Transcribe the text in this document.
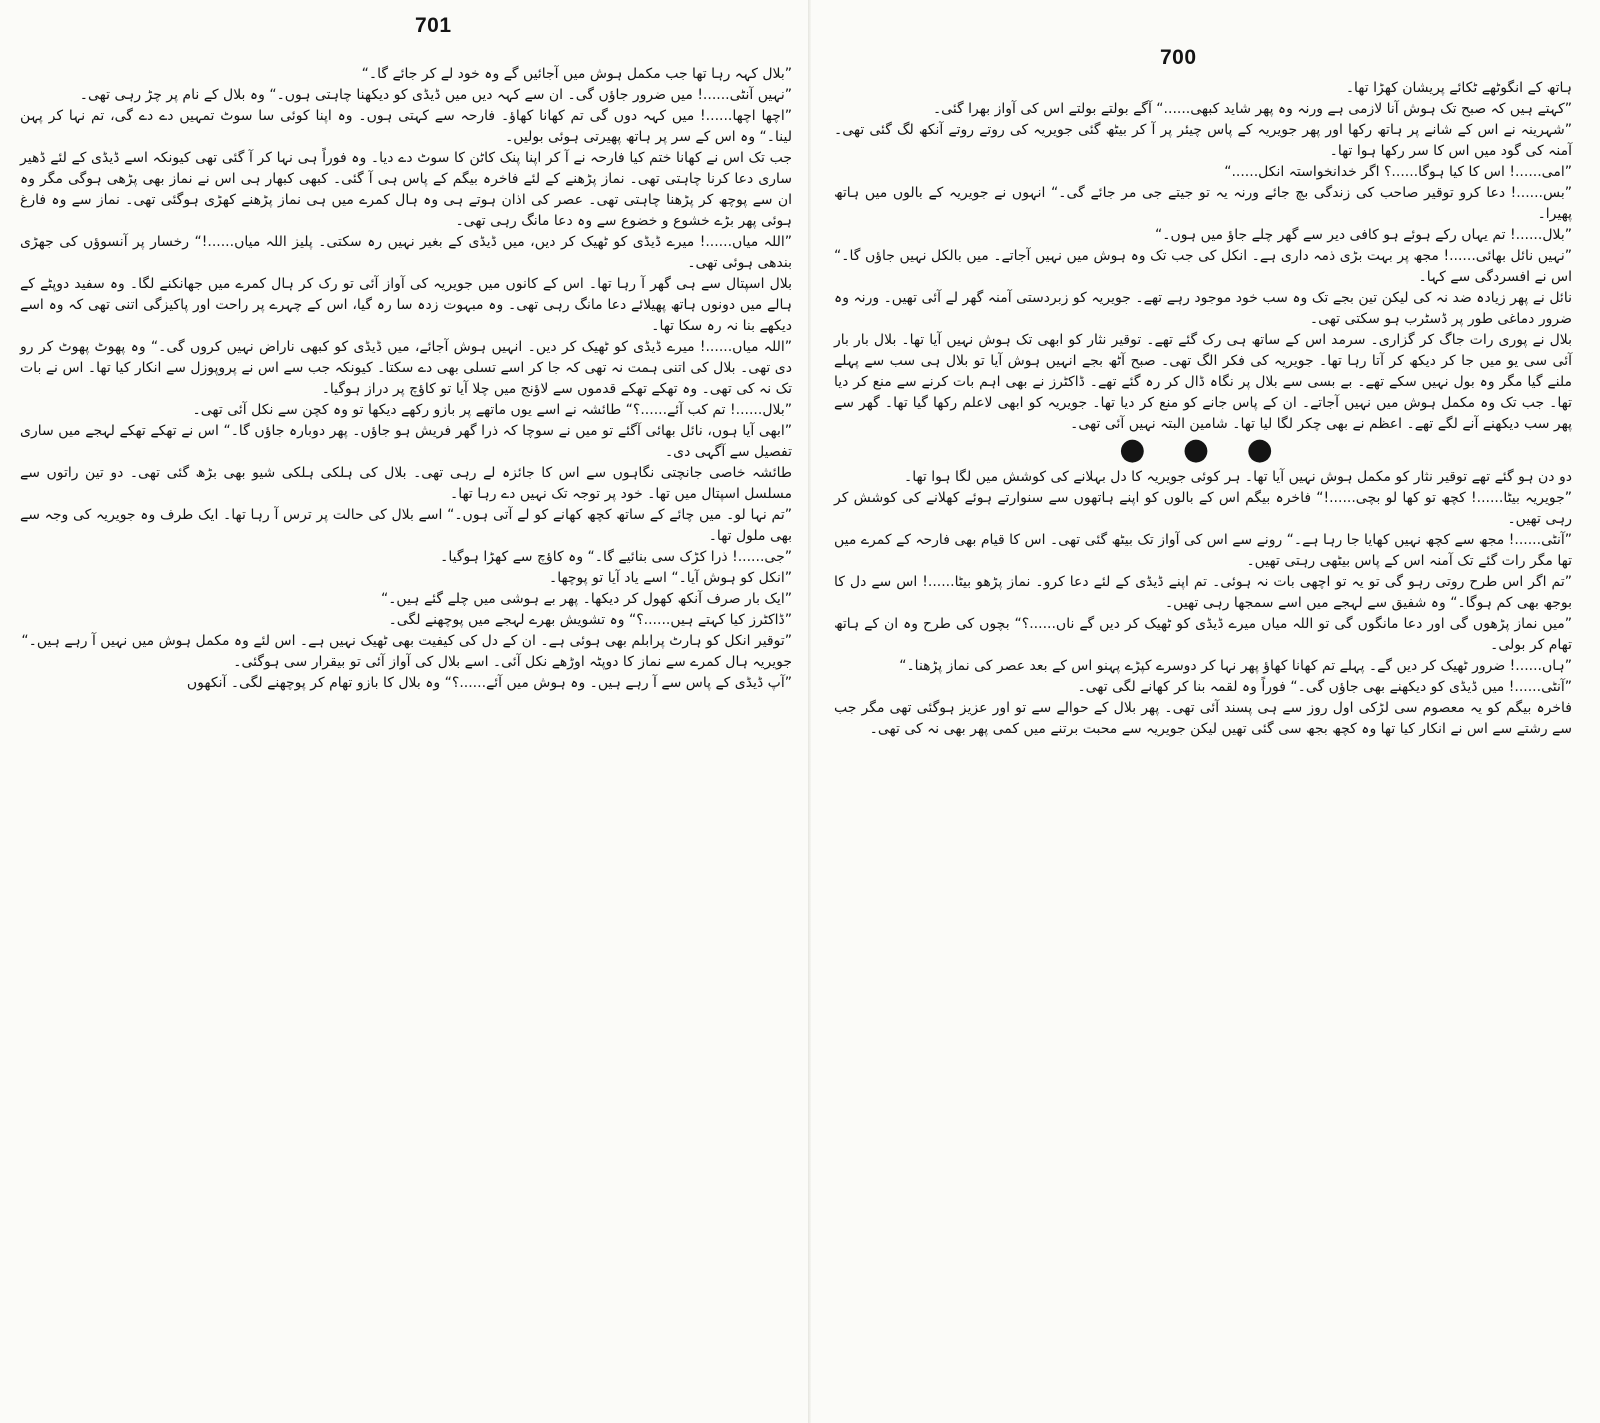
701

”بلال کہہ رہا تھا جب مکمل ہوش میں آجائیں گے وہ خود لے کر جائے گا۔“

”نہیں آنٹی......! میں ضرور جاؤں گی۔ ان سے کہہ دیں میں ڈیڈی کو دیکھنا چاہتی ہوں۔“ وہ بلال کے نام پر چڑ رہی تھی۔

”اچھا اچھا......! میں کہہ دوں گی تم کھانا کھاؤ۔ فارحہ سے کہتی ہوں۔ وہ اپنا کوئی سا سوٹ تمہیں دے دے گی، تم نہا کر پہن لینا۔“ وہ اس کے سر پر ہاتھ پھیرتی ہوئی بولیں۔

جب تک اس نے کھانا ختم کیا فارحہ نے آ کر اپنا پنک کاٹن کا سوٹ دے دیا۔ وہ فوراً ہی نہا کر آ گئی تھی کیونکہ اسے ڈیڈی کے لئے ڈھیر ساری دعا کرنا چاہتی تھی۔ نماز پڑھنے کے لئے فاخرہ بیگم کے پاس ہی آ گئی۔ کبھی کبھار ہی اس نے نماز بھی پڑھی ہوگی مگر وہ ان سے پوچھ کر پڑھنا چاہتی تھی۔ عصر کی اذان ہوتے ہی وہ ہال کمرے میں ہی نماز پڑھنے کھڑی ہوگئی تھی۔ نماز سے وہ فارغ ہوئی پھر بڑے خشوع و خضوع سے وہ دعا مانگ رہی تھی۔

”اللہ میاں......! میرے ڈیڈی کو ٹھیک کر دیں، میں ڈیڈی کے بغیر نہیں رہ سکتی۔ پلیز اللہ میاں......!“ رخسار پر آنسوؤں کی جھڑی بندھی ہوئی تھی۔

بلال اسپتال سے ہی گھر آ رہا تھا۔ اس کے کانوں میں جویریہ کی آواز آئی تو رک کر ہال کمرے میں جھانکنے لگا۔ وہ سفید دوپٹے کے ہالے میں دونوں ہاتھ پھیلائے دعا مانگ رہی تھی۔ وہ مبہوت زدہ سا رہ گیا، اس کے چہرے پر راحت اور پاکیزگی اتنی تھی کہ وہ اسے دیکھے بنا نہ رہ سکا تھا۔

”اللہ میاں......! میرے ڈیڈی کو ٹھیک کر دیں۔ انہیں ہوش آجائے، میں ڈیڈی کو کبھی ناراض نہیں کروں گی۔“ وہ پھوٹ پھوٹ کر رو دی تھی۔ بلال کی اتنی ہمت نہ تھی کہ جا کر اسے تسلی بھی دے سکتا۔ کیونکہ جب سے اس نے پروپوزل سے انکار کیا تھا۔ اس نے بات تک نہ کی تھی۔ وہ تھکے تھکے قدموں سے لاؤنج میں چلا آیا تو کاؤچ پر دراز ہوگیا۔

”بلال......! تم کب آئے......؟“ طائشہ نے اسے یوں ماتھے پر بازو رکھے دیکھا تو وہ کچن سے نکل آئی تھی۔

”ابھی آیا ہوں، نائل بھائی آگئے تو میں نے سوچا کہ ذرا گھر فریش ہو جاؤں۔ پھر دوبارہ جاؤں گا۔“ اس نے تھکے تھکے لہجے میں ساری تفصیل سے آگہی دی۔

طائشہ خاصی جانچتی نگاہوں سے اس کا جائزہ لے رہی تھی۔ بلال کی ہلکی ہلکی شیو بھی بڑھ گئی تھی۔ دو تین راتوں سے مسلسل اسپتال میں تھا۔ خود پر توجہ تک نہیں دے رہا تھا۔

”تم نہا لو۔ میں چائے کے ساتھ کچھ کھانے کو لے آتی ہوں۔“ اسے بلال کی حالت پر ترس آ رہا تھا۔ ایک طرف وہ جویریہ کی وجہ سے بھی ملول تھا۔

”جی......! ذرا کڑک سی بنائیے گا۔“ وہ کاؤچ سے کھڑا ہوگیا۔

”انکل کو ہوش آیا۔“ اسے یاد آیا تو پوچھا۔

”ایک بار صرف آنکھ کھول کر دیکھا۔ پھر بے ہوشی میں چلے گئے ہیں۔“

”ڈاکٹرز کیا کہتے ہیں......؟“ وہ تشویش بھرے لہجے میں پوچھنے لگی۔

”توقیر انکل کو ہارٹ پرابلم بھی ہوئی ہے۔ ان کے دل کی کیفیت بھی ٹھیک نہیں ہے۔ اس لئے وہ مکمل ہوش میں نہیں آ رہے ہیں۔“

جویریہ ہال کمرے سے نماز کا دوپٹہ اوڑھے نکل آئی۔ اسے بلال کی آواز آئی تو بیقرار سی ہوگئی۔

”آپ ڈیڈی کے پاس سے آ رہے ہیں۔ وہ ہوش میں آئے......؟“ وہ بلال کا بازو تھام کر پوچھنے لگی۔ آنکھوں

700

ہاتھ کے انگوٹھے ٹکائے پریشان کھڑا تھا۔

”کہتے ہیں کہ صبح تک ہوش آنا لازمی ہے ورنہ وہ پھر شاید کبھی......“ آگے بولتے بولتے اس کی آواز بھرا گئی۔

”شہرینہ نے اس کے شانے پر ہاتھ رکھا اور پھر جویریہ کے پاس چیئر پر آ کر بیٹھ گئی جویریہ کی روتے روتے آنکھ لگ گئی تھی۔ آمنہ کی گود میں اس کا سر رکھا ہوا تھا۔

”امی......! اس کا کیا ہوگا......؟ اگر خدانخواستہ انکل......“

”بس......! دعا کرو توقیر صاحب کی زندگی بچ جائے ورنہ یہ تو جیتے جی مر جائے گی۔“ انہوں نے جویریہ کے بالوں میں ہاتھ پھیرا۔

”بلال......! تم یہاں رکے ہوئے ہو کافی دیر سے گھر چلے جاؤ میں ہوں۔“

”نہیں نائل بھائی......! مجھ پر بہت بڑی ذمہ داری ہے۔ انکل کی جب تک وہ ہوش میں نہیں آجاتے۔ میں بالکل نہیں جاؤں گا۔“ اس نے افسردگی سے کہا۔

نائل نے پھر زیادہ ضد نہ کی لیکن تین بجے تک وہ سب خود موجود رہے تھے۔ جویریہ کو زبردستی آمنہ گھر لے آئی تھیں۔ ورنہ وہ ضرور دماغی طور پر ڈسٹرب ہو سکتی تھی۔

بلال نے پوری رات جاگ کر گزاری۔ سرمد اس کے ساتھ ہی رک گئے تھے۔ توقیر نثار کو ابھی تک ہوش نہیں آیا تھا۔ بلال بار بار آئی سی یو میں جا کر دیکھ کر آتا رہا تھا۔ جویریہ کی فکر الگ تھی۔ صبح آٹھ بجے انہیں ہوش آیا تو بلال ہی سب سے پہلے ملنے گیا مگر وہ بول نہیں سکے تھے۔ بے بسی سے بلال پر نگاہ ڈال کر رہ گئے تھے۔ ڈاکٹرز نے بھی اہم بات کرنے سے منع کر دیا تھا۔ جب تک وہ مکمل ہوش میں نہیں آجاتے۔ ان کے پاس جانے کو منع کر دیا تھا۔ جویریہ کو ابھی لاعلم رکھا گیا تھا۔ گھر سے پھر سب دیکھنے آنے لگے تھے۔ اعظم نے بھی چکر لگا لیا تھا۔ شامین البتہ نہیں آئی تھی۔

● ● ●

دو دن ہو گئے تھے توقیر نثار کو مکمل ہوش نہیں آیا تھا۔ ہر کوئی جویریہ کا دل بہلانے کی کوشش میں لگا ہوا تھا۔

”جویریہ بیٹا......! کچھ تو کھا لو بچی......!“ فاخرہ بیگم اس کے بالوں کو اپنے ہاتھوں سے سنوارتے ہوئے کھلانے کی کوشش کر رہی تھیں۔

”آنٹی......! مجھ سے کچھ نہیں کھایا جا رہا ہے۔“ رونے سے اس کی آواز تک بیٹھ گئی تھی۔ اس کا قیام بھی فارحہ کے کمرے میں تھا مگر رات گئے تک آمنہ اس کے پاس بیٹھی رہتی تھیں۔

”تم اگر اس طرح روتی رہو گی تو یہ تو اچھی بات نہ ہوئی۔ تم اپنے ڈیڈی کے لئے دعا کرو۔ نماز پڑھو بیٹا......! اس سے دل کا بوجھ بھی کم ہوگا۔“ وہ شفیق سے لہجے میں اسے سمجھا رہی تھیں۔

”میں نماز پڑھوں گی اور دعا مانگوں گی تو اللہ میاں میرے ڈیڈی کو ٹھیک کر دیں گے ناں......؟“ بچوں کی طرح وہ ان کے ہاتھ تھام کر بولی۔

”ہاں......! ضرور ٹھیک کر دیں گے۔ پہلے تم کھانا کھاؤ پھر نہا کر دوسرے کپڑے پہنو اس کے بعد عصر کی نماز پڑھنا۔“

”آنٹی......! میں ڈیڈی کو دیکھنے بھی جاؤں گی۔“ فوراً وہ لقمہ بنا کر کھانے لگی تھی۔

فاخرہ بیگم کو یہ معصوم سی لڑکی اول روز سے ہی پسند آئی تھی۔ پھر بلال کے حوالے سے تو اور عزیز ہوگئی تھی مگر جب سے رشتے سے اس نے انکار کیا تھا وہ کچھ بجھ سی گئی تھیں لیکن جویریہ سے محبت برتنے میں کمی پھر بھی نہ کی تھی۔
